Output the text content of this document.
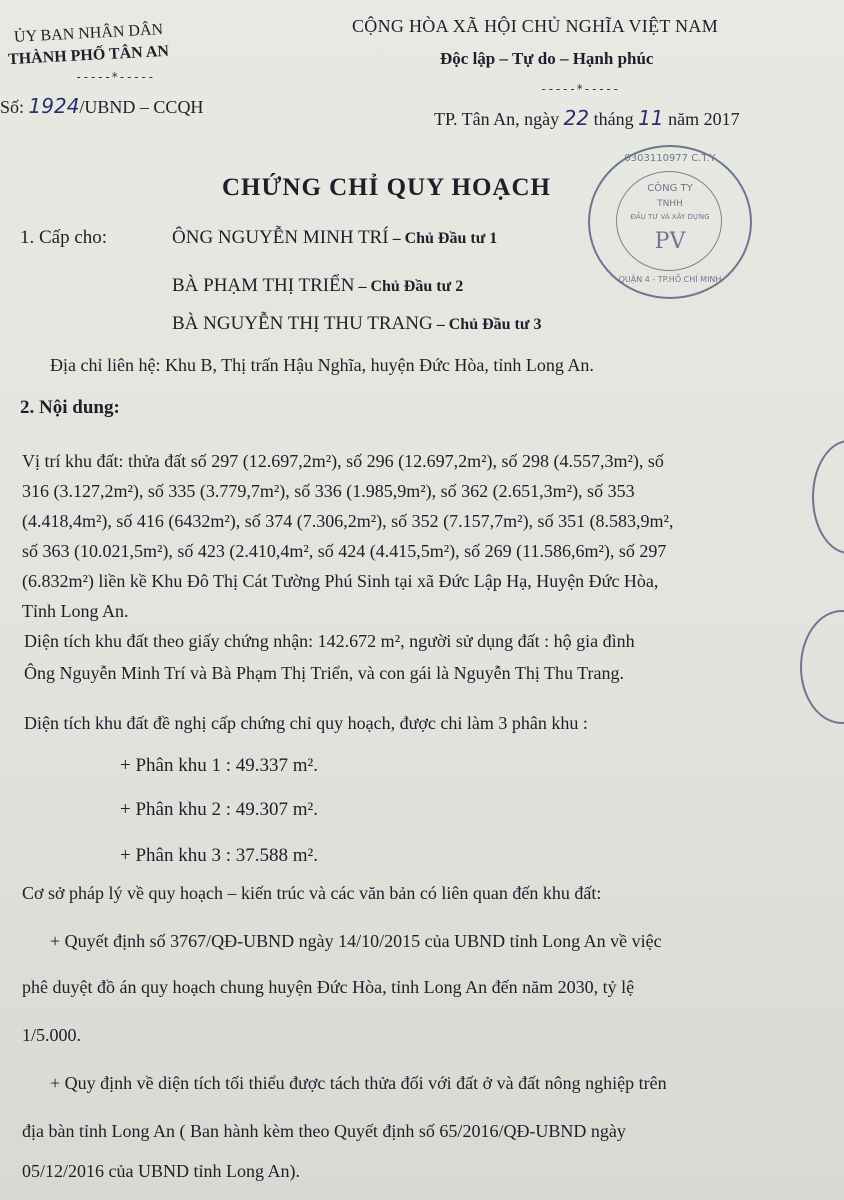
ỦY BAN NHÂN DÂN
THÀNH PHỐ TÂN AN
-----*-----
Số: 1924/UBND – CCQH
CỘNG HÒA XÃ HỘI CHỦ NGHĨA VIỆT NAM
Độc lập – Tự do – Hạnh phúc
-----*-----
TP. Tân An, ngày 22 tháng 11 năm 2017
CHỨNG CHỈ QUY HOẠCH
0303110977 C.T.Y
CÔNG TY
TNHH
ĐẦU TƯ VÀ XÂY DỰNG
PV
QUẬN 4 - TP.HỒ CHÍ MINH
1. Cấp cho:	ÔNG NGUYỄN MINH TRÍ – Chủ Đầu tư 1
BÀ PHẠM THỊ TRIỂN – Chủ Đầu tư 2
BÀ NGUYỄN THỊ THU TRANG – Chủ Đầu tư 3
Địa chỉ liên hệ: Khu B, Thị trấn Hậu Nghĩa, huyện Đức Hòa, tỉnh Long An.
2. Nội dung:
Vị trí khu đất: thửa đất số 297 (12.697,2m²), số 296 (12.697,2m²), số 298 (4.557,3m²), số
316 (3.127,2m²), số 335 (3.779,7m²), số 336 (1.985,9m²), số 362 (2.651,3m²), số 353
(4.418,4m²), số 416 (6432m²), số 374 (7.306,2m²), số 352 (7.157,7m²), số 351 (8.583,9m²,
số 363 (10.021,5m²), số 423 (2.410,4m², số 424 (4.415,5m²), số 269 (11.586,6m²), số 297
(6.832m²) liền kề Khu Đô Thị Cát Tường Phú Sinh tại xã Đức Lập Hạ, Huyện Đức Hòa,
Tỉnh Long An.
Diện tích khu đất theo giấy chứng nhận: 142.672 m², người sử dụng đất : hộ gia đình
Ông Nguyễn Minh Trí và Bà Phạm Thị Triển, và con gái là Nguyễn Thị Thu Trang.
Diện tích khu đất đề nghị cấp chứng chỉ quy hoạch, được chi làm 3 phân khu :
+ Phân khu 1 : 49.337 m².
+ Phân khu 2 : 49.307 m².
+ Phân khu 3 : 37.588 m².
Cơ sở pháp lý về quy hoạch – kiến trúc và các văn bản có liên quan đến khu đất:
+ Quyết định số 3767/QĐ-UBND ngày 14/10/2015 của UBND tỉnh Long An về việc
phê duyệt đồ án quy hoạch chung huyện Đức Hòa, tỉnh Long An đến năm 2030, tỷ lệ
1/5.000.
+ Quy định về diện tích tối thiểu được tách thửa đối với đất ở và đất nông nghiệp trên
địa bàn tỉnh Long An ( Ban hành kèm theo Quyết định số 65/2016/QĐ-UBND ngày
05/12/2016 của UBND tỉnh Long An).
